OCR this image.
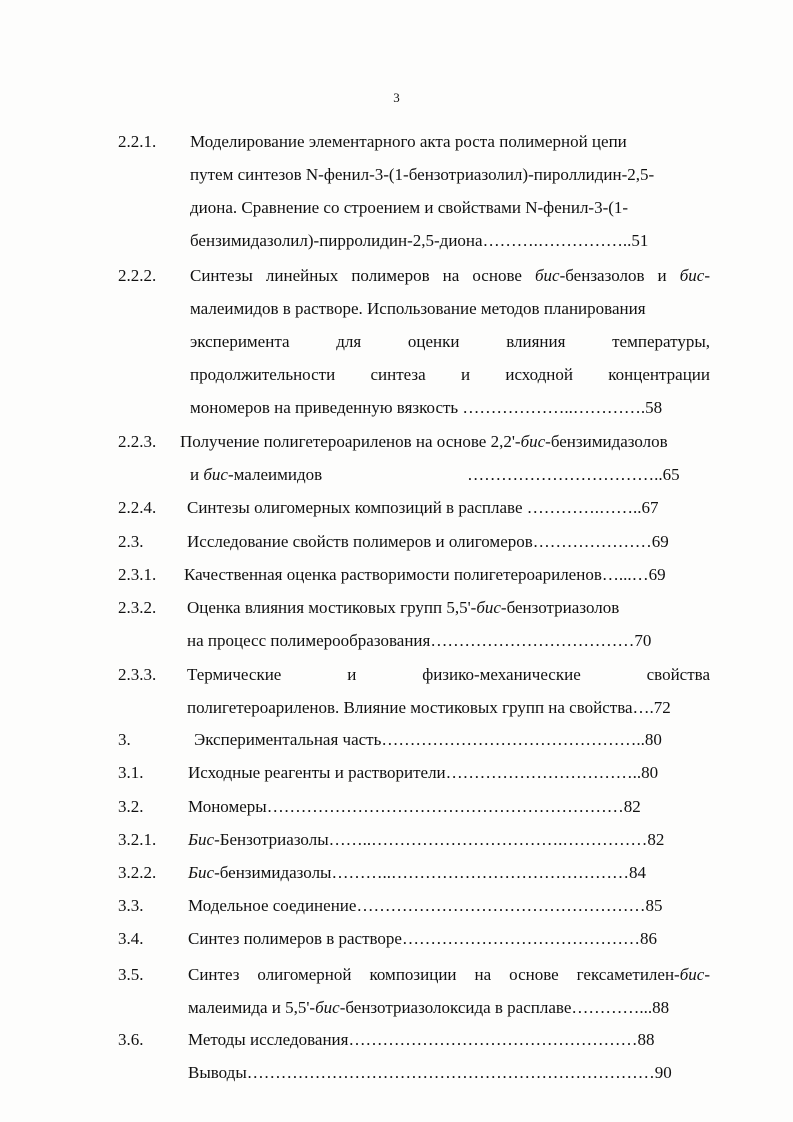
3
2.2.1. Моделирование элементарного акта роста полимерной цепи
путем синтезов N-фенил-3-(1-бензотриазолил)-пироллидин-2,5-
диона. Сравнение со строением и свойствами N-фенил-3-(1-
бензимидазолил)-пирролидин-2,5-диона……….……………..51
2.2.2. Синтезы линейных полимеров на основе бис-бензазолов и бис-
малеимидов в растворе. Использование методов планирования
эксперимента для оценки влияния температуры,
продолжительности синтеза и исходной концентрации
мономеров на приведенную вязкость ………………..………….58
2.2.3. Получение полигетероариленов на основе 2,2'-бис-бензимидазолов
и бис-малеимидов	……………………………..65
2.2.4. Синтезы олигомерных композиций в расплаве ………….……..67
2.3.	Исследование свойств полимеров и олигомеров…………………69
2.3.1. Качественная оценка растворимости полигетероариленов…...…69
2.3.2. Оценка влияния мостиковых групп 5,5'-бис-бензотриазолов
на процесс полимерообразования………………………………70
2.3.3. Термические и физико-механические свойства
полигетероариленов. Влияние мостиковых групп на свойства….72
3.	Экспериментальная часть………………………………………..80
3.1.	Исходные реагенты и растворители……………………………..80
3.2.	Мономеры………………………………………………………82
3.2.1. Бис-Бензотриазолы……..…………………………….……………82
3.2.2. Бис-бензимидазолы………..……………………………………84
3.3.	Модельное соединение……………………………………………85
3.4.	Синтез полимеров в растворе……………………………………86
3.5.	Синтез олигомерной композиции на основе гексаметилен-бис-
малеимида и 5,5'-бис-бензотриазолоксида в расплаве…………...88
3.6.	Методы исследования……………………………………………88
Выводы………………………………………………………………90
